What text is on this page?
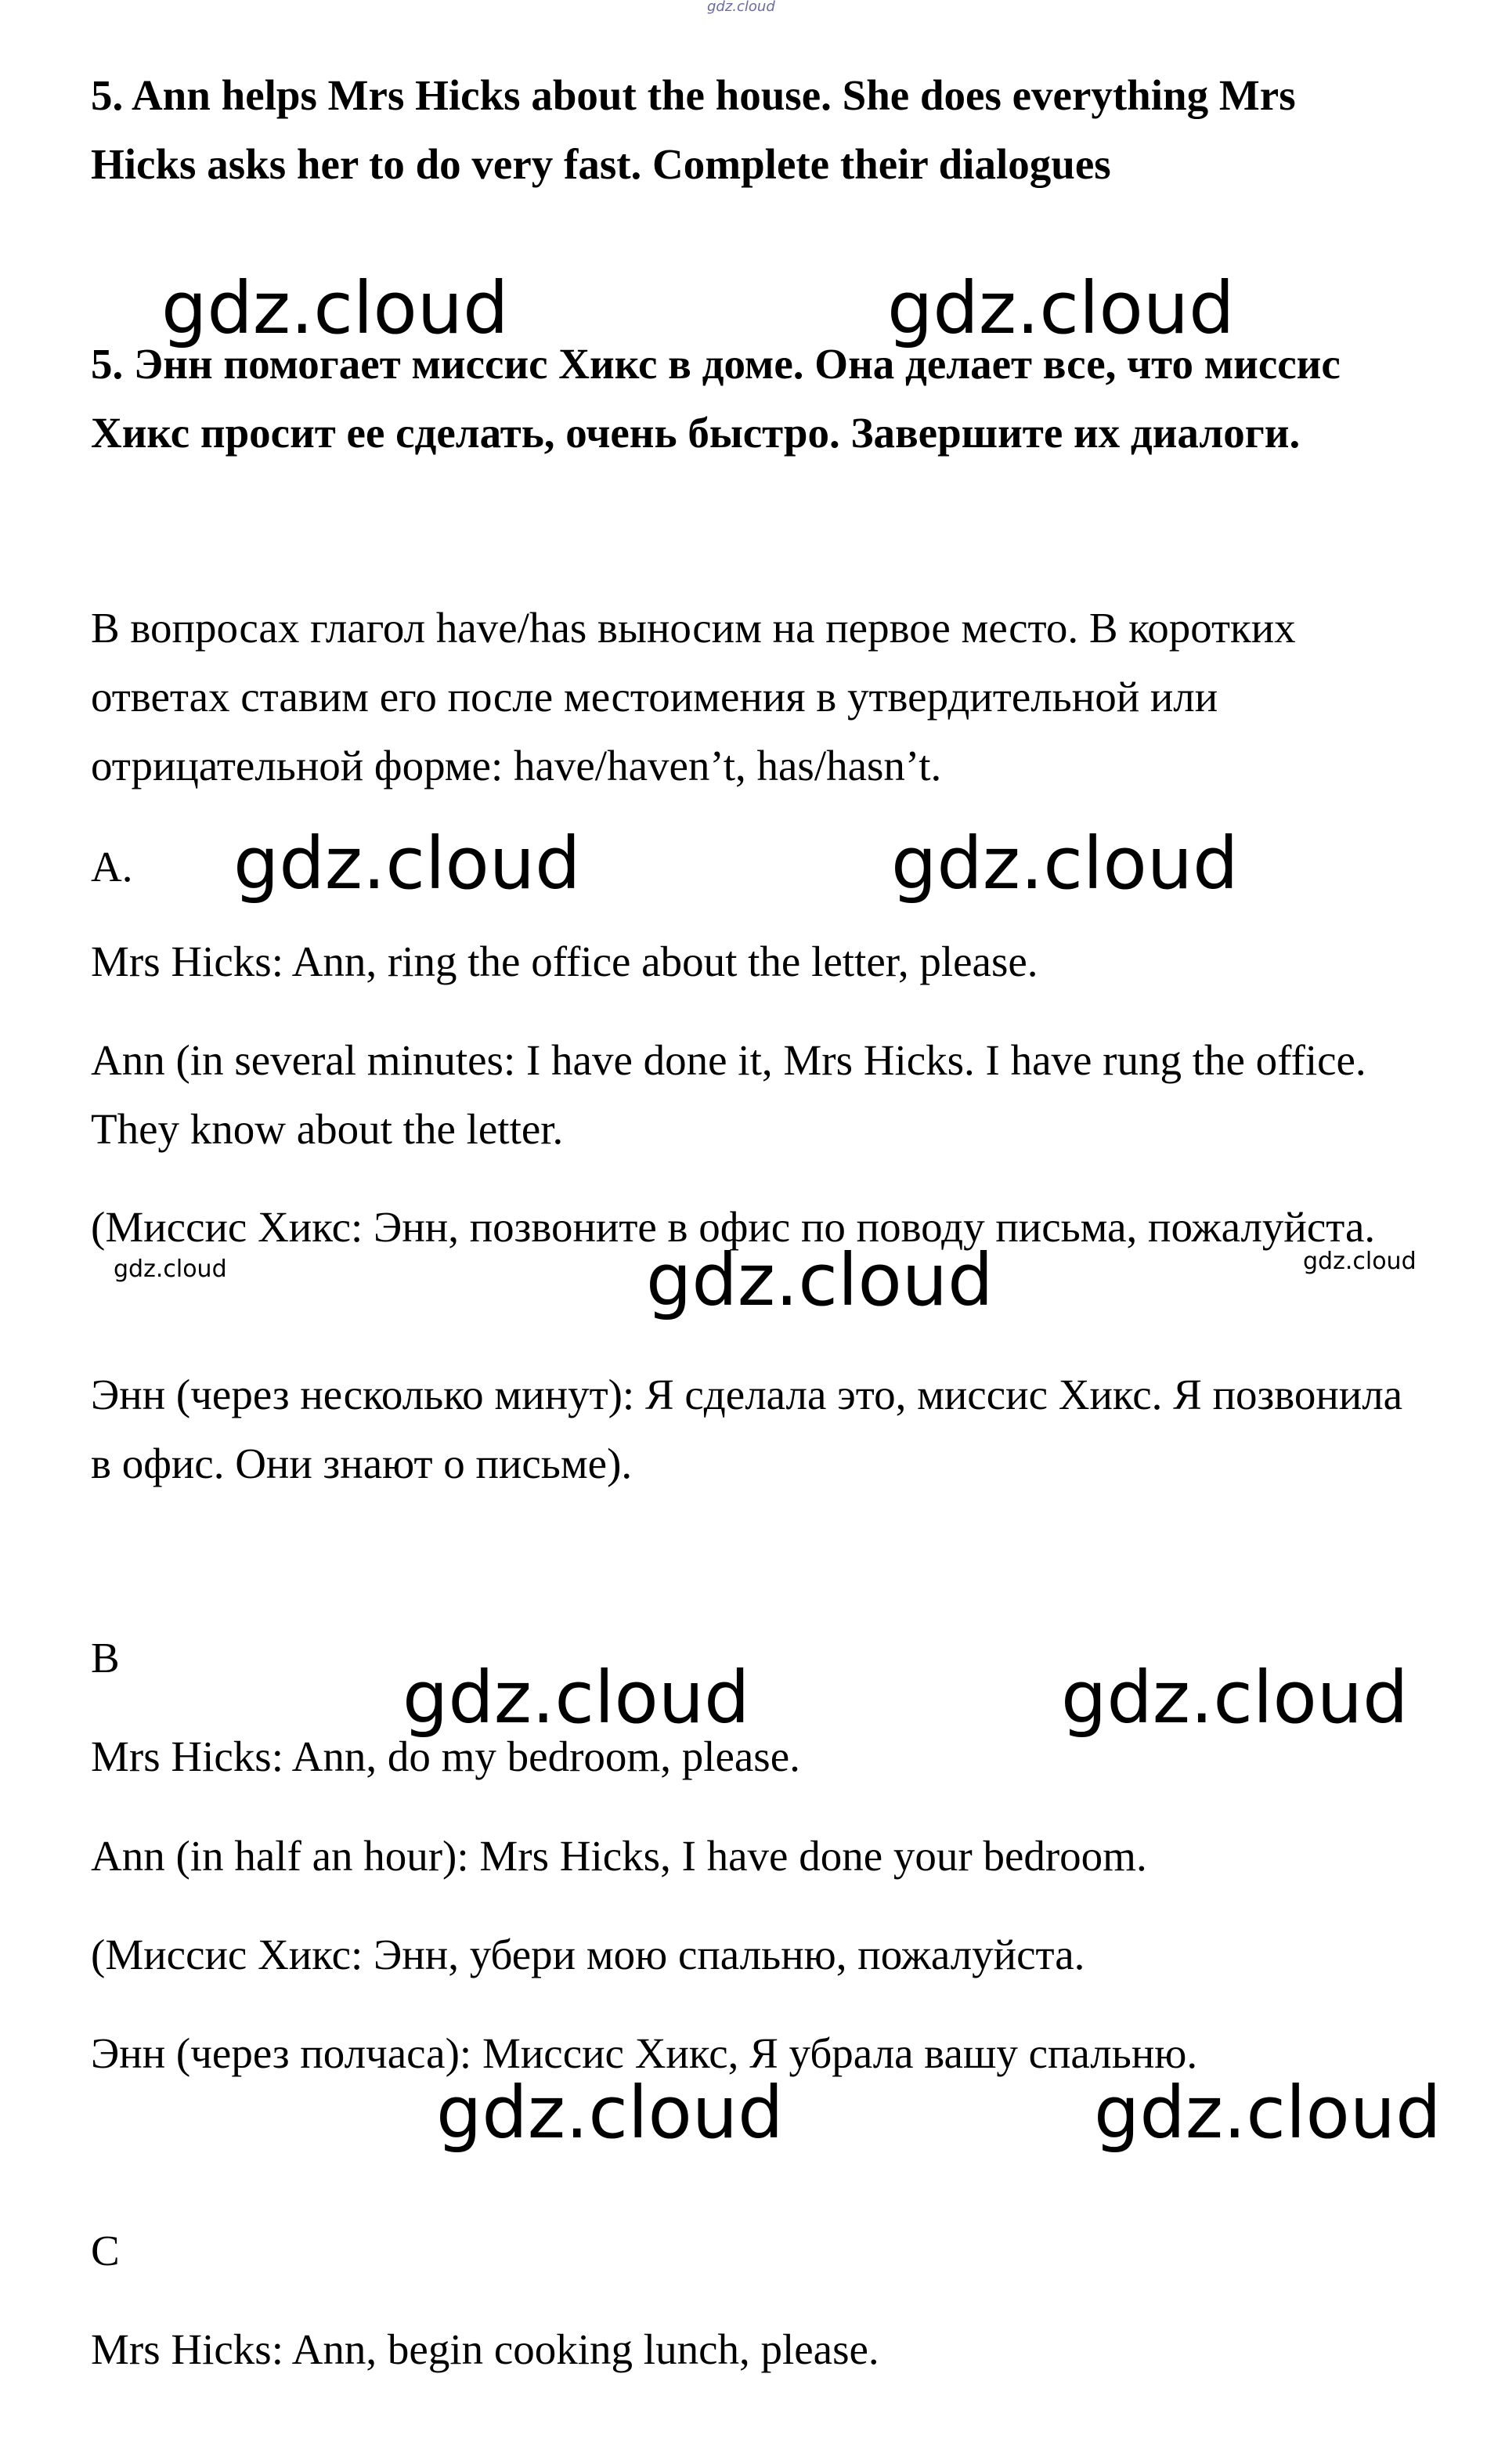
gdz.cloud

5. Ann helps Mrs Hicks about the house. She does everything Mrs Hicks asks her to do very fast. Complete their dialogues

5. Энн помогает миссис Хикс в доме. Она делает все, что миссис Хикс просит ее сделать, очень быстро. Завершите их диалоги.

В вопросах глагол have/has выносим на первое место. В коротких ответах ставим его после местоимения в утвердительной или отрицательной форме: have/haven’t, has/hasn’t.

A.

Mrs Hicks: Ann, ring the office about the letter, please.

Ann (in several minutes: I have done it, Mrs Hicks. I have rung the office. They know about the letter.

(Миссис Хикс: Энн, позвоните в офис по поводу письма, пожалуйста.

Энн (через несколько минут): Я сделала это, миссис Хикс. Я позвонила в офис. Они знают о письме).

B

Mrs Hicks: Ann, do my bedroom, please.

Ann (in half an hour): Mrs Hicks, I have done your bedroom.

(Миссис Хикс: Энн, убери мою спальню, пожалуйста.

Энн (через полчаса): Миссис Хикс, Я убрала вашу спальню.

C

Mrs Hicks: Ann, begin cooking lunch, please.

gdz.cloud	gdz.cloud
gdz.cloud	gdz.cloud
gdz.cloud	gdz.cloud	gdz.cloud
gdz.cloud	gdz.cloud
gdz.cloud	gdz.cloud
